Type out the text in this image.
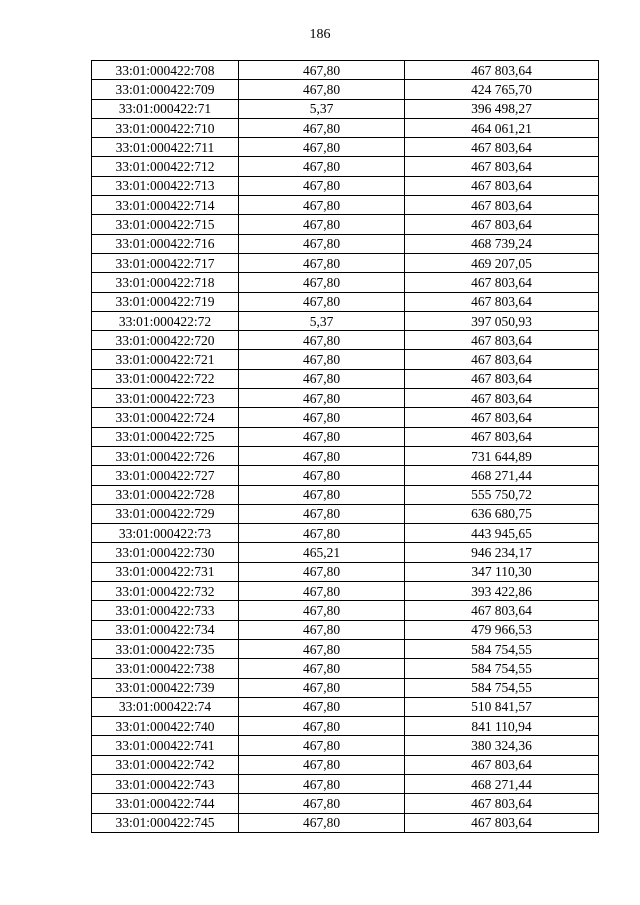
186
33:01:000422:708	467,80	467 803,64
33:01:000422:709	467,80	424 765,70
33:01:000422:71	5,37	396 498,27
33:01:000422:710	467,80	464 061,21
33:01:000422:711	467,80	467 803,64
33:01:000422:712	467,80	467 803,64
33:01:000422:713	467,80	467 803,64
33:01:000422:714	467,80	467 803,64
33:01:000422:715	467,80	467 803,64
33:01:000422:716	467,80	468 739,24
33:01:000422:717	467,80	469 207,05
33:01:000422:718	467,80	467 803,64
33:01:000422:719	467,80	467 803,64
33:01:000422:72	5,37	397 050,93
33:01:000422:720	467,80	467 803,64
33:01:000422:721	467,80	467 803,64
33:01:000422:722	467,80	467 803,64
33:01:000422:723	467,80	467 803,64
33:01:000422:724	467,80	467 803,64
33:01:000422:725	467,80	467 803,64
33:01:000422:726	467,80	731 644,89
33:01:000422:727	467,80	468 271,44
33:01:000422:728	467,80	555 750,72
33:01:000422:729	467,80	636 680,75
33:01:000422:73	467,80	443 945,65
33:01:000422:730	465,21	946 234,17
33:01:000422:731	467,80	347 110,30
33:01:000422:732	467,80	393 422,86
33:01:000422:733	467,80	467 803,64
33:01:000422:734	467,80	479 966,53
33:01:000422:735	467,80	584 754,55
33:01:000422:738	467,80	584 754,55
33:01:000422:739	467,80	584 754,55
33:01:000422:74	467,80	510 841,57
33:01:000422:740	467,80	841 110,94
33:01:000422:741	467,80	380 324,36
33:01:000422:742	467,80	467 803,64
33:01:000422:743	467,80	468 271,44
33:01:000422:744	467,80	467 803,64
33:01:000422:745	467,80	467 803,64
